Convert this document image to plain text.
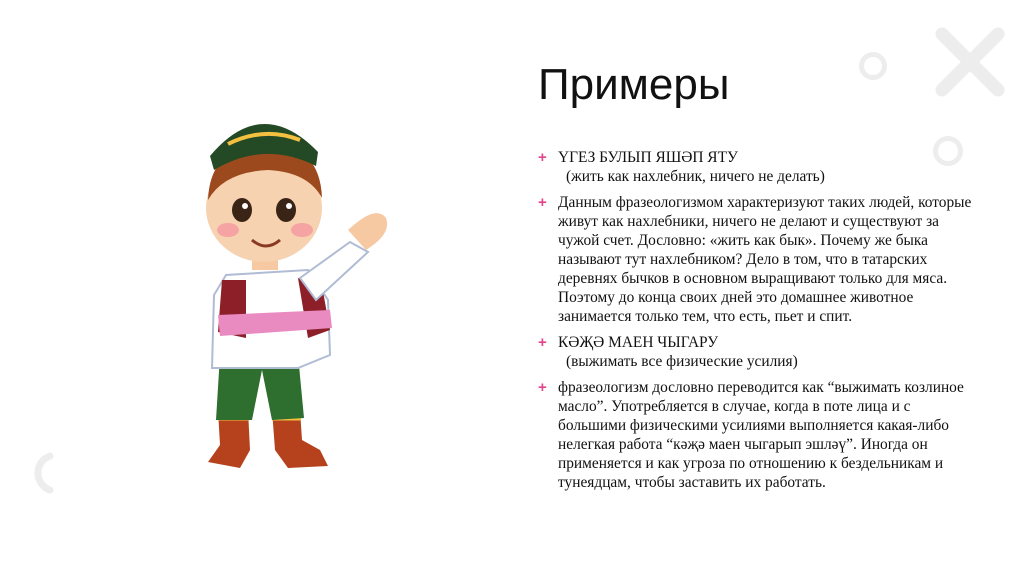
Примеры
+ ҮГЕЗ БУЛЫП ЯШӘП ЯТУ
(жить как нахлебник, ничего не делать)
+ Данным фразеологизмом характеризуют таких людей, которые живут как нахлебники, ничего не делают и существуют за чужой счет. Дословно: «жить как бык». Почему же быка называют тут нахлебником? Дело в том, что в татарских деревнях бычков в основном выращивают только для мяса. Поэтому до конца своих дней это домашнее животное занимается только тем, что есть, пьет и спит.
+ КӘҖӘ МАЕН ЧЫГАРУ
(выжимать все физические усилия)
+ фразеологизм дословно переводится как “выжимать козлиное масло”. Употребляется в случае, когда в поте лица и с большими физическими усилиями выполняется какая-либо нелегкая работа “кәҗә маен чыгарып эшләү”. Иногда он применяется и как угроза по отношению к бездельникам и тунеядцам, чтобы заставить их работать.
